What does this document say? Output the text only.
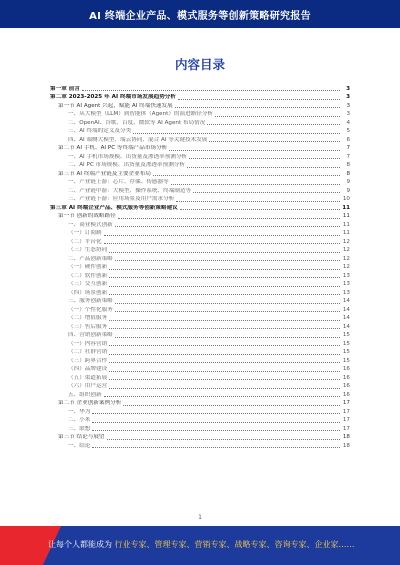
AI 终端企业产品、模式服务等创新策略研究报告
内容目录
第一章 前言	3
第二章 2023-2025 年 AI 终端市场发展趋势分析	3
第一节 AI Agent 兴起，赋能 AI 终端快速发展	3
一、从大模型（LLM）到智能体（Agent）的演进路径分析	3
二、OpenAI、谷歌、百度、微软等 AI Agent 布局情况	4
三、AI 终端的定义及分类	5
四、AI 端侧大模型、端云协同、混合 AI 等关键技术发展	6
第二节 AI 手机、AI PC 等终端产品市场分析	7
一、AI 手机市场规模、出货量及渗透率预测分析	7
二、AI PC 市场规模、出货量及渗透率预测分析	8
第三节 AI 终端产业链及主要企业布局	8
一、产业链上游：芯片、存储、传感器等	9
二、产业链中游：大模型、操作系统、终端制造等	9
三、产业链下游：应用场景及用户需求分析	10
第三章 AI 终端企业产品、模式服务等创新策略建议	11
第一节 创新的战略路径	11
一、商业模式创新	11
（一）订阅制	11
（二）平台化	12
（三）生态协同	12
二、产品创新策略	12
（一）硬件创新	12
（二）软件创新	13
（三）交互创新	13
（四）场景创新	13
三、服务创新策略	14
（一）个性化服务	14
（二）增值服务	14
（三）售后服务	14
四、营销创新策略	15
（一）内容营销	15
（二）社群营销	15
（三）跨界合作	15
（四）品牌建设	16
（五）渠道拓展	16
（六）用户运营	16
五、组织创新	16
第二节 企业创新案例分析	17
一、华为	17
二、小米	17
三、联想	17
第三节 结论与展望	18
一、结论	18
1
让每个人都能成为 行业专家、管理专家、营销专家、战略专家、咨询专家、企业家……
